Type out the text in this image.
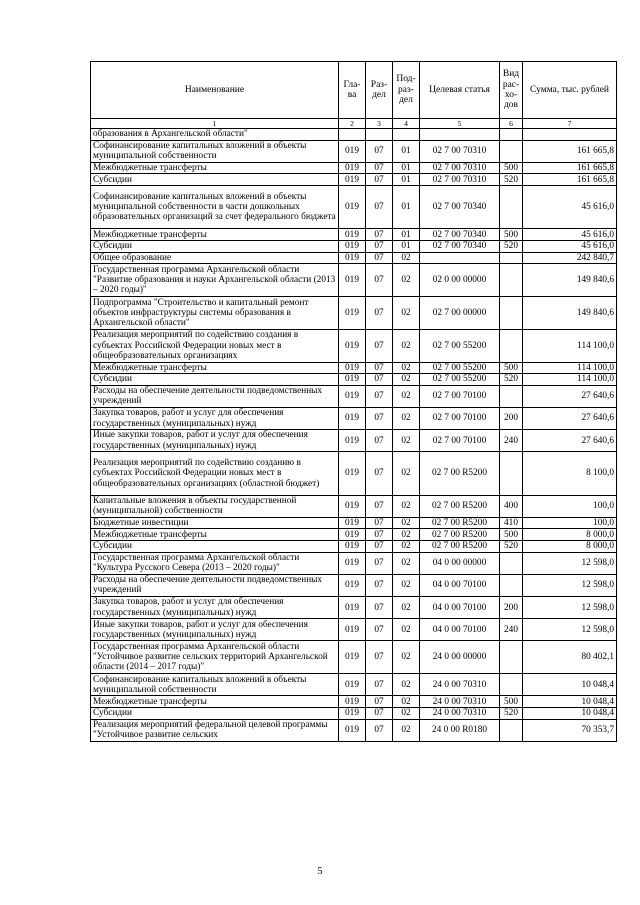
Наименование	Гла-ва	Раз-дел	Под-раз-дел	Целевая статья	Вид рас-хо-дов	Сумма, тыс. рублей
1	2	3	4	5	6	7
образования в Архангельской области"						
Софинансирование капитальных вложений в объекты муниципальной собственности	019	07	01	02 7 00 70310		161 665,8
Межбюджетные трансферты	019	07	01	02 7 00 70310	500	161 665,8
Субсидии	019	07	01	02 7 00 70310	520	161 665,8
Софинансирование капитальных вложений в объекты муниципальной собственности в части дошкольных образовательных организаций за счет федерального бюджета	019	07	01	02 7 00 70340		45 616,0
Межбюджетные трансферты	019	07	01	02 7 00 70340	500	45 616,0
Субсидии	019	07	01	02 7 00 70340	520	45 616,0
Общее образование	019	07	02			242 840,7
Государственная программа Архангельской области "Развитие образования и науки Архангельской области (2013 – 2020 годы)"	019	07	02	02 0 00 00000		149 840,6
Подпрограмма "Строительство и капитальный ремонт объектов инфраструктуры системы образования в Архангельской области"	019	07	02	02 7 00 00000		149 840,6
Реализация мероприятий по содействию создания в субъектах Российской Федерации новых мест в общеобразовательных организациях	019	07	02	02 7 00 55200		114 100,0
Межбюджетные трансферты	019	07	02	02 7 00 55200	500	114 100,0
Субсидии	019	07	02	02 7 00 55200	520	114 100,0
Расходы на обеспечение деятельности подведомственных учреждений	019	07	02	02 7 00 70100		27 640,6
Закупка товаров, работ и услуг для обеспечения государственных (муниципальных) нужд	019	07	02	02 7 00 70100	200	27 640,6
Иные закупки товаров, работ и услуг для обеспечения государственных (муниципальных) нужд	019	07	02	02 7 00 70100	240	27 640,6
Реализация мероприятий по содействию созданию в субъектах Российской Федерации новых мест в общеобразовательных организациях (областной бюджет)	019	07	02	02 7 00 R5200		8 100,0
Капитальные вложения в объекты государственной (муниципальной) собственности	019	07	02	02 7 00 R5200	400	100,0
Бюджетные инвестиции	019	07	02	02 7 00 R5200	410	100,0
Межбюджетные трансферты	019	07	02	02 7 00 R5200	500	8 000,0
Субсидии	019	07	02	02 7 00 R5200	520	8 000,0
Государственная программа Архангельской области "Культура Русского Севера (2013 – 2020 годы)"	019	07	02	04 0 00 00000		12 598,0
Расходы на обеспечение деятельности подведомственных учреждений	019	07	02	04 0 00 70100		12 598,0
Закупка товаров, работ и услуг для обеспечения государственных (муниципальных) нужд	019	07	02	04 0 00 70100	200	12 598,0
Иные закупки товаров, работ и услуг для обеспечения государственных (муниципальных) нужд	019	07	02	04 0 00 70100	240	12 598,0
Государственная программа Архангельской области "Устойчивое развитие сельских территорий Архангельской области (2014 – 2017 годы)"	019	07	02	24 0 00 00000		80 402,1
Софинансирование капитальных вложений в объекты муниципальной собственности	019	07	02	24 0 00 70310		10 048,4
Межбюджетные трансферты	019	07	02	24 0 00 70310	500	10 048,4
Субсидии	019	07	02	24 0 00 70310	520	10 048,4
Реализация мероприятий федеральной целевой программы "Устойчивое развитие сельских	019	07	02	24 0 00 R0180		70 353,7
5
